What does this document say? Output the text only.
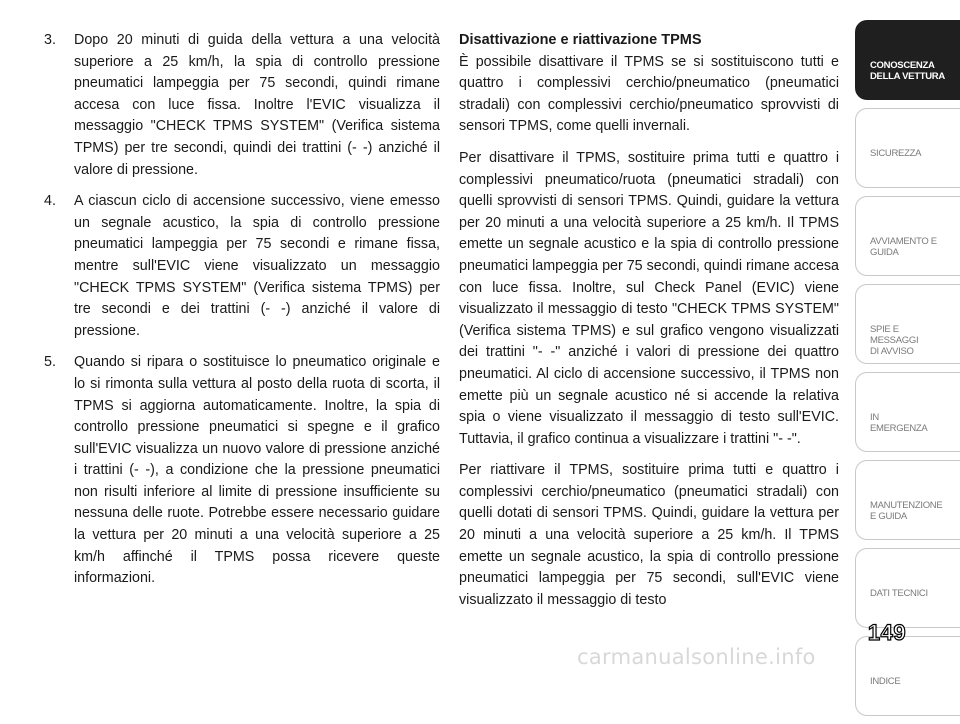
3.	Dopo 20 minuti di guida della vettura a una velocità superiore a 25 km/h, la spia di controllo pressione pneumatici lampeggia per 75 secondi, quindi rimane accesa con luce fissa. Inoltre l'EVIC visualizza il messaggio "CHECK TPMS SYSTEM" (Verifica sistema TPMS) per tre secondi, quindi dei trattini (- -) anziché il valore di pressione.
4.	A ciascun ciclo di accensione successivo, viene emesso un segnale acustico, la spia di controllo pressione pneumatici lampeggia per 75 secondi e rimane fissa, mentre sull'EVIC viene visualizzato un messaggio "CHECK TPMS SYSTEM" (Verifica sistema TPMS) per tre secondi e dei trattini (- -) anziché il valore di pressione.
5.	Quando si ripara o sostituisce lo pneumatico originale e lo si rimonta sulla vettura al posto della ruota di scorta, il TPMS si aggiorna automaticamente. Inoltre, la spia di controllo pressione pneumatici si spegne e il grafico sull'EVIC visualizza un nuovo valore di pressione anziché i trattini (- -), a condizione che la pressione pneumatici non risulti inferiore al limite di pressione insufficiente su nessuna delle ruote. Potrebbe essere necessario guidare la vettura per 20 minuti a una velocità superiore a 25 km/h affinché il TPMS possa ricevere queste informazioni.
Disattivazione e riattivazione TPMS

È possibile disattivare il TPMS se si sostituiscono tutti e quattro i complessivi cerchio/pneumatico (pneumatici stradali) con complessivi cerchio/pneumatico sprovvisti di sensori TPMS, come quelli invernali.

Per disattivare il TPMS, sostituire prima tutti e quattro i complessivi pneumatico/ruota (pneumatici stradali) con quelli sprovvisti di sensori TPMS. Quindi, guidare la vettura per 20 minuti a una velocità superiore a 25 km/h. Il TPMS emette un segnale acustico e la spia di controllo pressione pneumatici lampeggia per 75 secondi, quindi rimane accesa con luce fissa. Inoltre, sul Check Panel (EVIC) viene visualizzato il messaggio di testo "CHECK TPMS SYSTEM" (Verifica sistema TPMS) e sul grafico vengono visualizzati dei trattini "- -" anziché i valori di pressione dei quattro pneumatici. Al ciclo di accensione successivo, il TPMS non emette più un segnale acustico né si accende la relativa spia o viene visualizzato il messaggio di testo sull'EVIC. Tuttavia, il grafico continua a visualizzare i trattini "- -".

Per riattivare il TPMS, sostituire prima tutti e quattro i complessivi cerchio/pneumatico (pneumatici stradali) con quelli dotati di sensori TPMS. Quindi, guidare la vettura per 20 minuti a una velocità superiore a 25 km/h. Il TPMS emette un segnale acustico, la spia di controllo pressione pneumatici lampeggia per 75 secondi, sull'EVIC viene visualizzato il messaggio di testo

CONOSCENZA
DELLA VETTURA

SICUREZZA

AVVIAMENTO E
GUIDA

SPIE E
MESSAGGI
DI AVVISO

IN
EMERGENZA

MANUTENZIONE
E GUIDA

DATI TECNICI

INDICE

149
carmanualsonline.info
